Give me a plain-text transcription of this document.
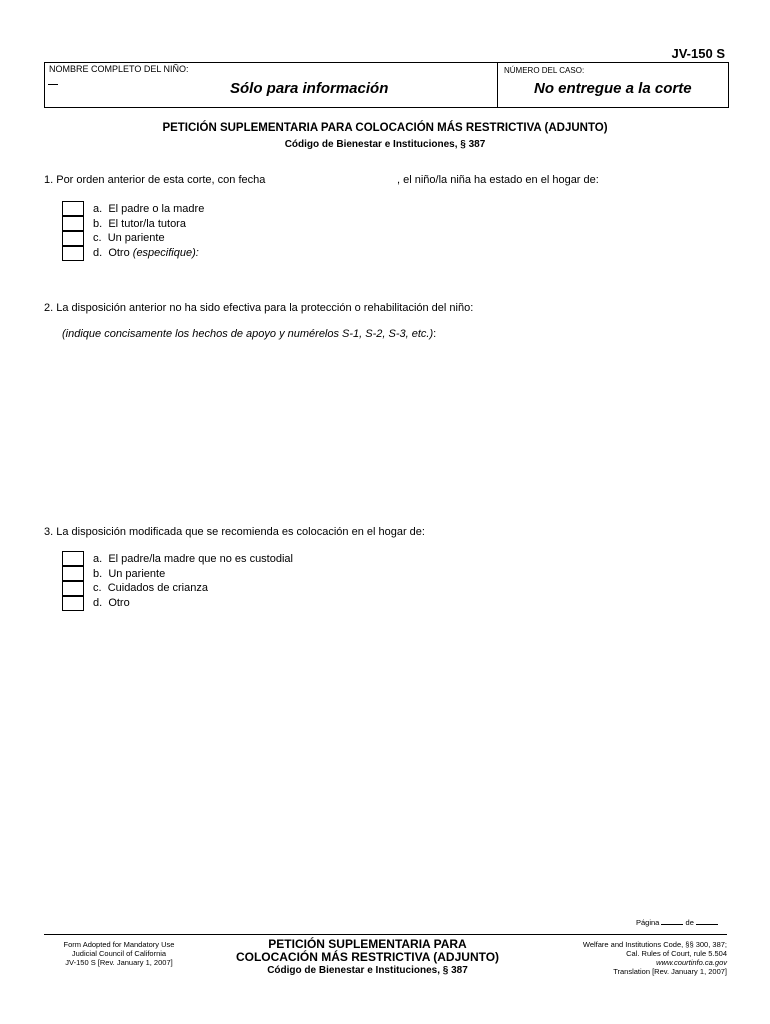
JV-150 S
NOMBRE COMPLETO DEL NIÑO:	NÚMERO DEL CASO:
Sólo para información	No entregue a la corte
PETICIÓN SUPLEMENTARIA PARA COLOCACIÓN MÁS RESTRICTIVA (ADJUNTO)
Código de Bienestar e Instituciones, § 387
1. Por orden anterior de esta corte, con fecha	, el niño/la niña ha estado en el hogar de:
a. El padre o la madre
b. El tutor/la tutora
c. Un pariente
d. Otro (especifique):
2. La disposición anterior no ha sido efectiva para la protección o rehabilitación del niño:
(indique concisamente los hechos de apoyo y numérelos S-1, S-2, S-3, etc.):
3. La disposición modificada que se recomienda es colocación en el hogar de:
a. El padre/la madre que no es custodial
b. Un pariente
c. Cuidados de crianza
d. Otro
Página	de
Form Adopted for Mandatory Use
Judicial Council of California
JV-150 S [Rev. January 1, 2007]
PETICIÓN SUPLEMENTARIA PARA
COLOCACIÓN MÁS RESTRICTIVA (ADJUNTO)
Código de Bienestar e Instituciones, § 387
Welfare and Institutions Code, §§ 300, 387;
Cal. Rules of Court, rule 5.504
www.courtinfo.ca.gov
Translation [Rev. January 1, 2007]
